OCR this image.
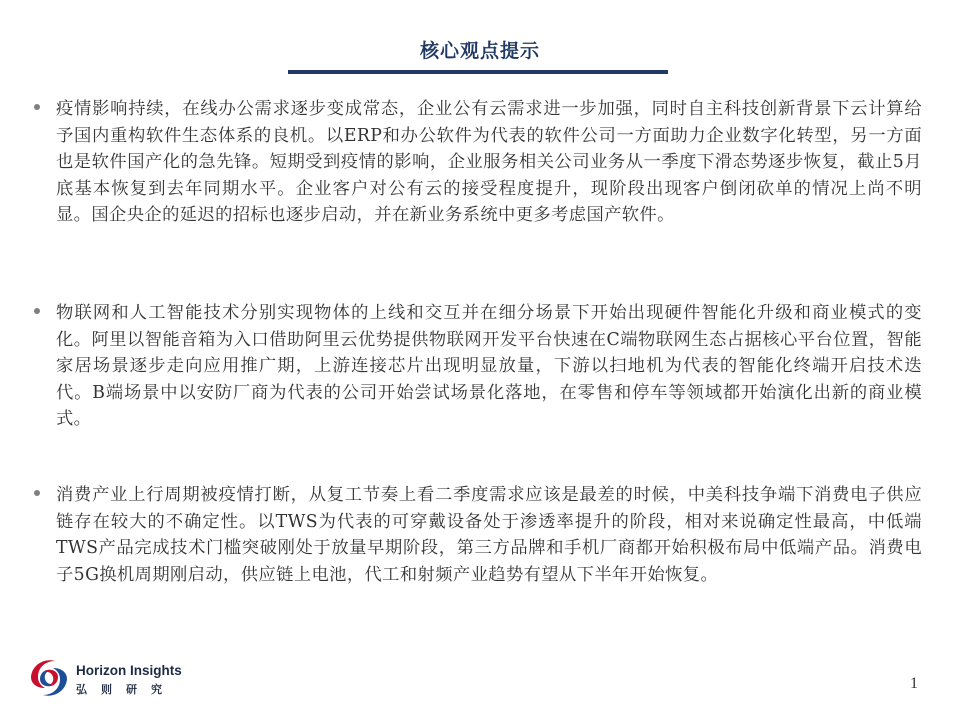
核心观点提示
疫情影响持续，在线办公需求逐步变成常态，企业公有云需求进一步加强，同时自主科技创新背景下云计算给予国内重构软件生态体系的良机。以ERP和办公软件为代表的软件公司一方面助力企业数字化转型，另一方面也是软件国产化的急先锋。短期受到疫情的影响，企业服务相关公司业务从一季度下滑态势逐步恢复，截止5月底基本恢复到去年同期水平。企业客户对公有云的接受程度提升，现阶段出现客户倒闭砍单的情况上尚不明显。国企央企的延迟的招标也逐步启动，并在新业务系统中更多考虑国产软件。
物联网和人工智能技术分别实现物体的上线和交互并在细分场景下开始出现硬件智能化升级和商业模式的变化。阿里以智能音箱为入口借助阿里云优势提供物联网开发平台快速在C端物联网生态占据核心平台位置，智能家居场景逐步走向应用推广期，上游连接芯片出现明显放量，下游以扫地机为代表的智能化终端开启技术迭代。B端场景中以安防厂商为代表的公司开始尝试场景化落地，在零售和停车等领域都开始演化出新的商业模式。
消费产业上行周期被疫情打断，从复工节奏上看二季度需求应该是最差的时候，中美科技争端下消费电子供应链存在较大的不确定性。以TWS为代表的可穿戴设备处于渗透率提升的阶段，相对来说确定性最高，中低端TWS产品完成技术门槛突破刚处于放量早期阶段，第三方品牌和手机厂商都开始积极布局中低端产品。消费电子5G换机周期刚启动，供应链上电池，代工和射频产业趋势有望从下半年开始恢复。
Horizon Insights
弘则研究	1
